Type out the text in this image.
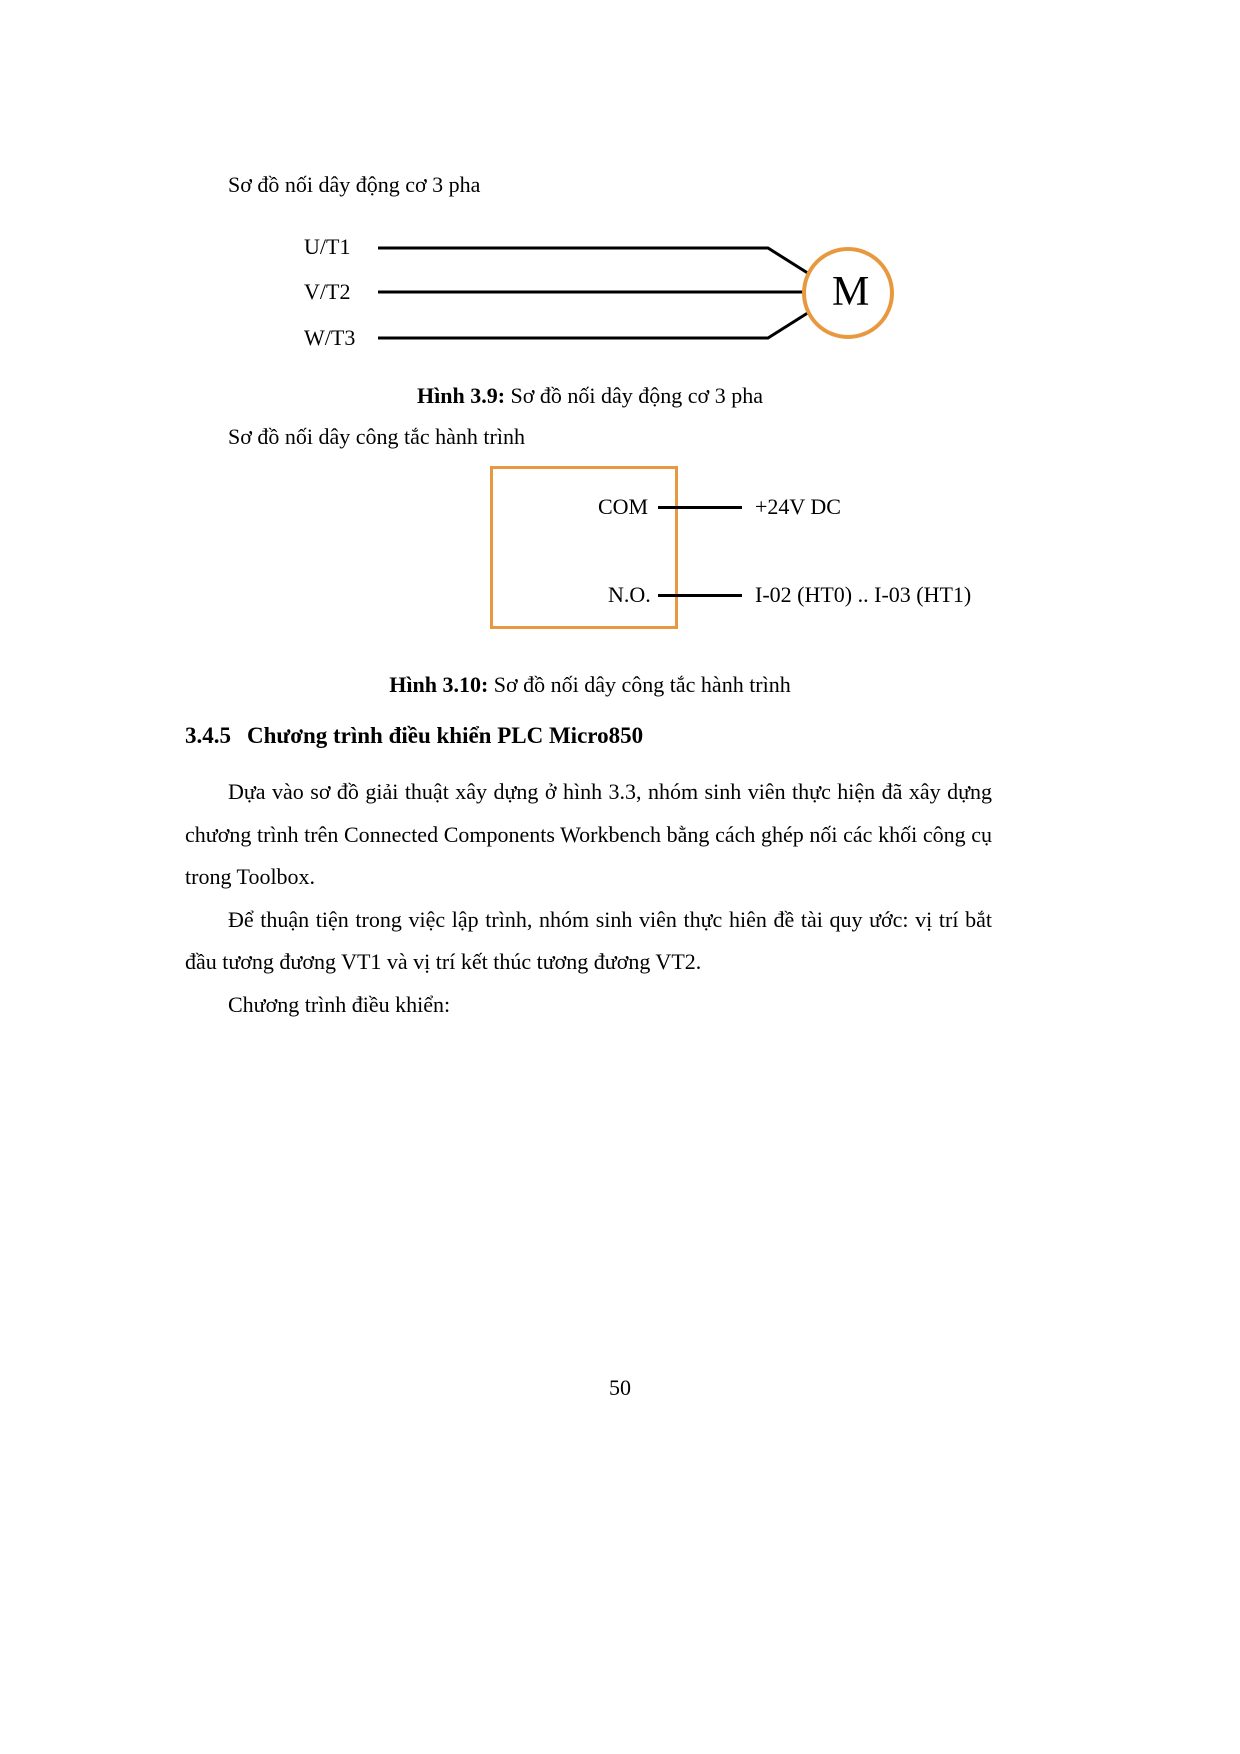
Sơ đồ nối dây động cơ 3 pha
U/T1
V/T2
W/T3
M
Hình 3.9: Sơ đồ nối dây động cơ 3 pha
Sơ đồ nối dây công tắc hành trình
COM	+24V DC
N.O.	I-02 (HT0) .. I-03 (HT1)
Hình 3.10: Sơ đồ nối dây công tắc hành trình
3.4.5 Chương trình điều khiển PLC Micro850

Dựa vào sơ đồ giải thuật xây dựng ở hình 3.3, nhóm sinh viên thực hiện đã xây dựng chương trình trên Connected Components Workbench bằng cách ghép nối các khối công cụ trong Toolbox.

Để thuận tiện trong việc lập trình, nhóm sinh viên thực hiên đề tài quy ước: vị trí bắt đầu tương đương VT1 và vị trí kết thúc tương đương VT2.

Chương trình điều khiển:

50
